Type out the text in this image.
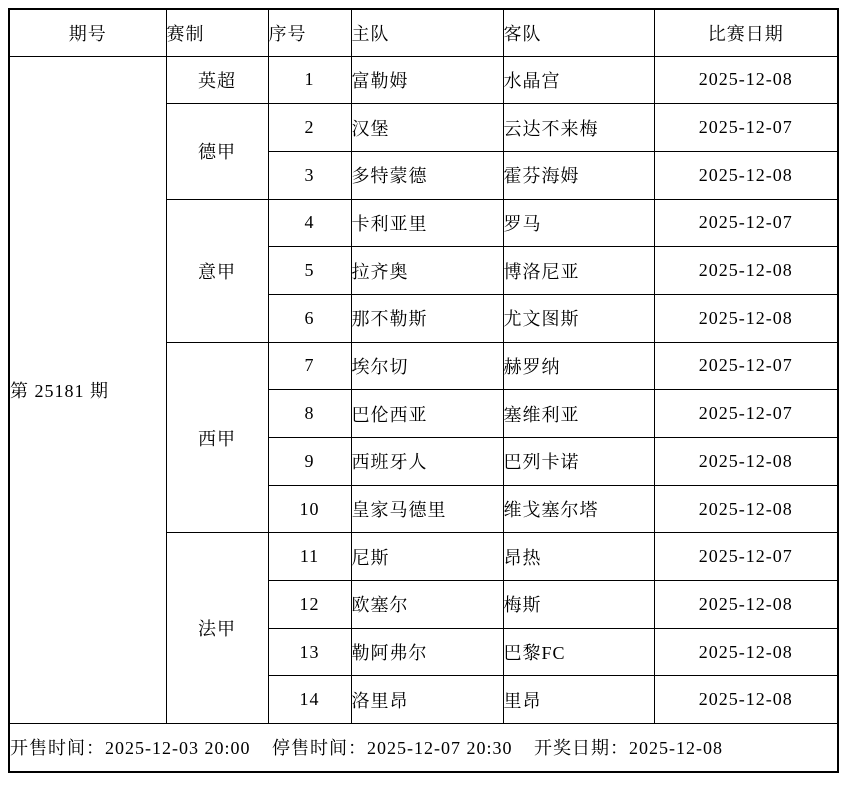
期号	赛制	序号	主队	客队	比赛日期
第 25181 期	英超	1	富勒姆	水晶宫	2025-12-08
	德甲	2	汉堡	云达不来梅	2025-12-07
		3	多特蒙德	霍芬海姆	2025-12-08
	意甲	4	卡利亚里	罗马	2025-12-07
		5	拉齐奥	博洛尼亚	2025-12-08
		6	那不勒斯	尤文图斯	2025-12-08
	西甲	7	埃尔切	赫罗纳	2025-12-07
		8	巴伦西亚	塞维利亚	2025-12-07
		9	西班牙人	巴列卡诺	2025-12-08
		10	皇家马德里	维戈塞尔塔	2025-12-08
	法甲	11	尼斯	昂热	2025-12-07
		12	欧塞尔	梅斯	2025-12-08
		13	勒阿弗尔	巴黎FC	2025-12-08
		14	洛里昂	里昂	2025-12-08
开售时间：2025-12-03 20:00 停售时间：2025-12-07 20:30 开奖日期：2025-12-08					
